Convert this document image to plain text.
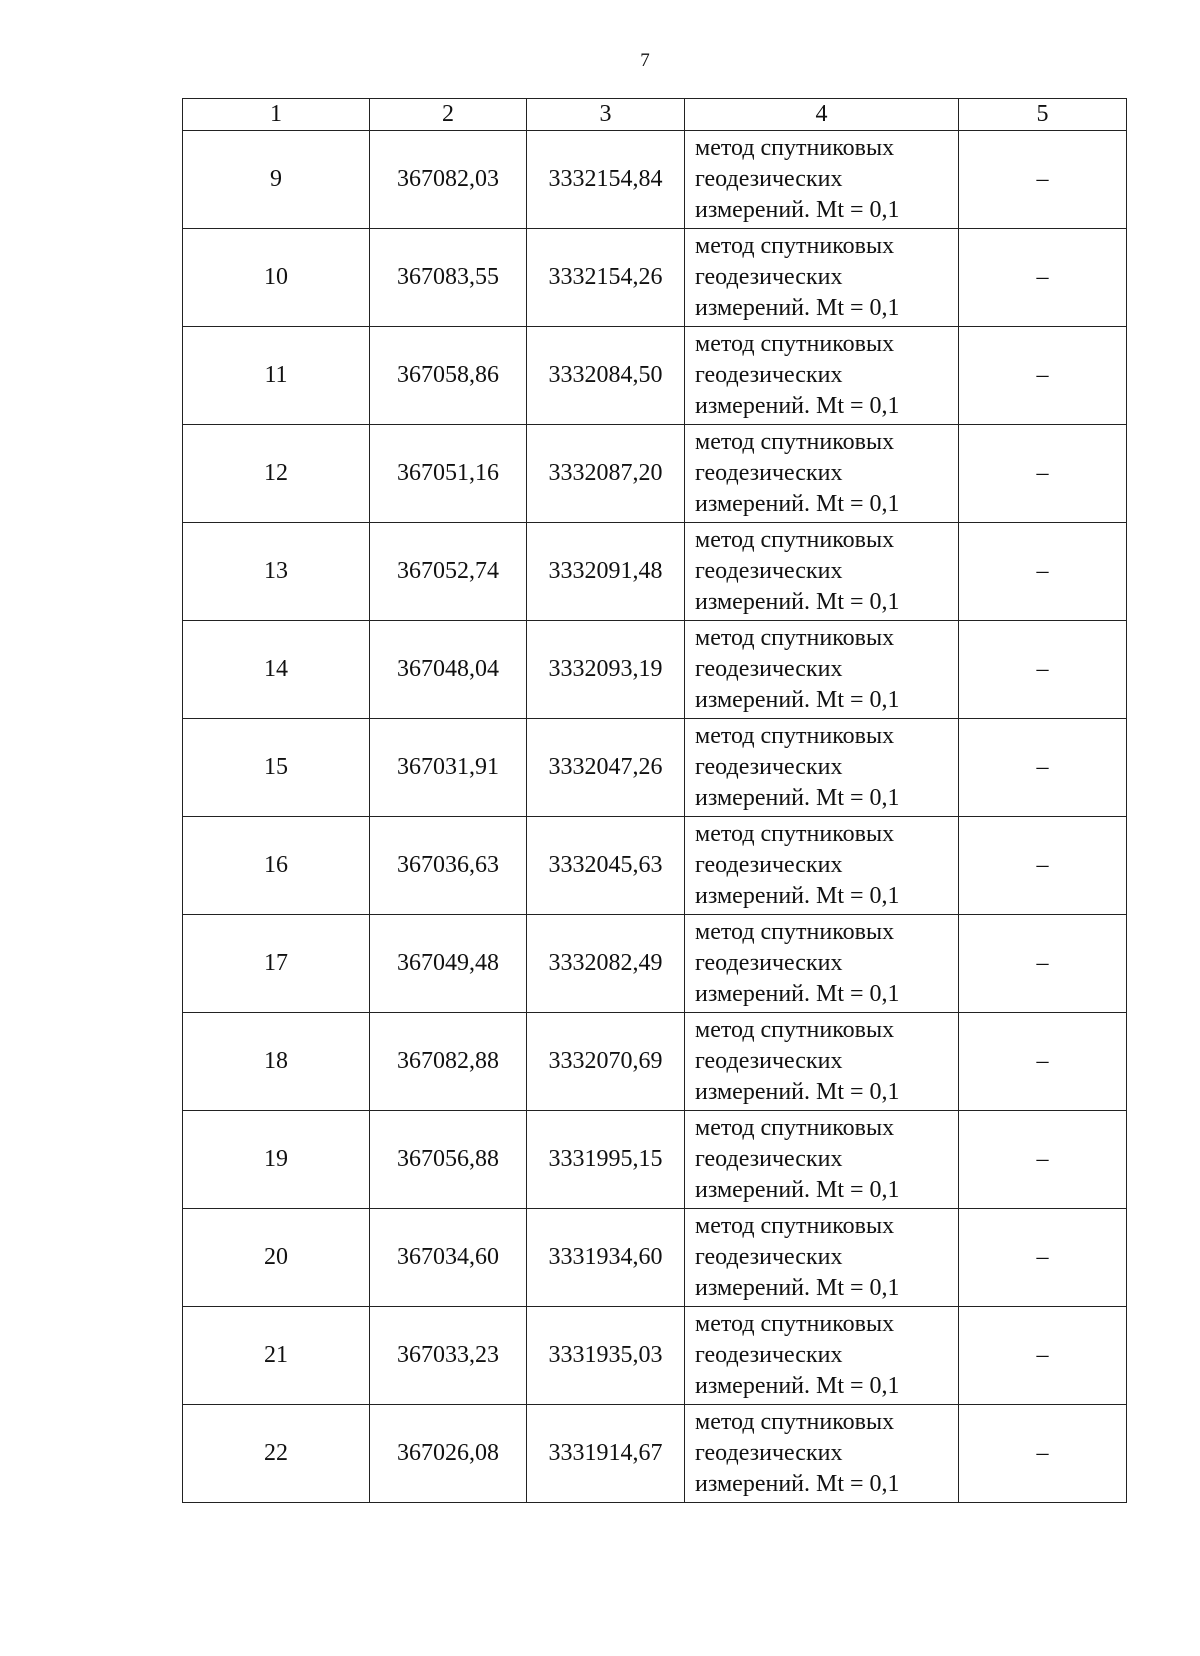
7
1	2	3	4	5
9	367082,03	3332154,84	метод спутниковых
геодезических
измерений. Mt = 0,1	–
10	367083,55	3332154,26	метод спутниковых
геодезических
измерений. Mt = 0,1	–
11	367058,86	3332084,50	метод спутниковых
геодезических
измерений. Mt = 0,1	–
12	367051,16	3332087,20	метод спутниковых
геодезических
измерений. Mt = 0,1	–
13	367052,74	3332091,48	метод спутниковых
геодезических
измерений. Mt = 0,1	–
14	367048,04	3332093,19	метод спутниковых
геодезических
измерений. Mt = 0,1	–
15	367031,91	3332047,26	метод спутниковых
геодезических
измерений. Mt = 0,1	–
16	367036,63	3332045,63	метод спутниковых
геодезических
измерений. Mt = 0,1	–
17	367049,48	3332082,49	метод спутниковых
геодезических
измерений. Mt = 0,1	–
18	367082,88	3332070,69	метод спутниковых
геодезических
измерений. Mt = 0,1	–
19	367056,88	3331995,15	метод спутниковых
геодезических
измерений. Mt = 0,1	–
20	367034,60	3331934,60	метод спутниковых
геодезических
измерений. Mt = 0,1	–
21	367033,23	3331935,03	метод спутниковых
геодезических
измерений. Mt = 0,1	–
22	367026,08	3331914,67	метод спутниковых
геодезических
измерений. Mt = 0,1	–
